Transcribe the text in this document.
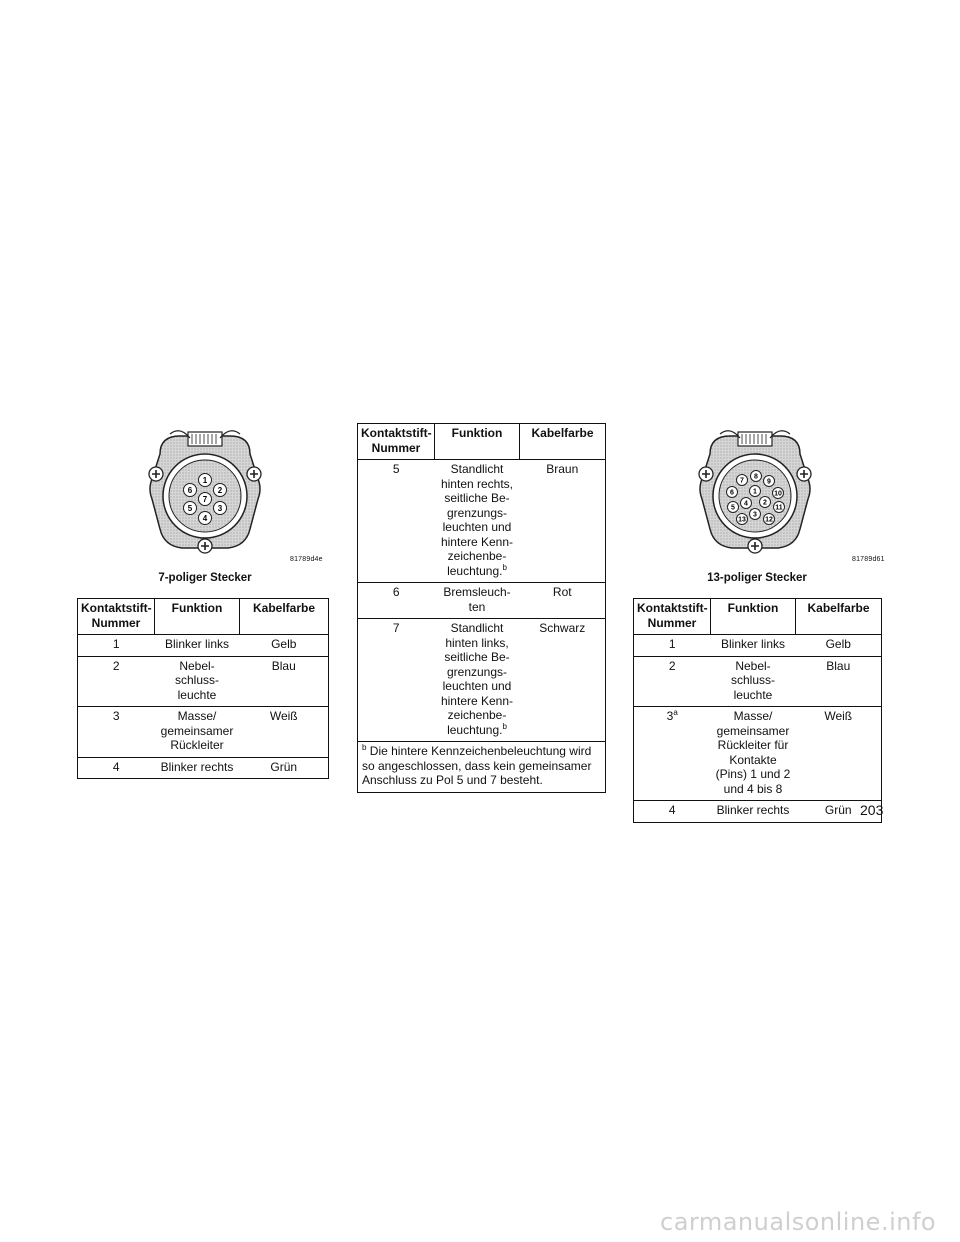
1
2
3
4
5
6
7
81789d4e
7-poliger Stecker
Kontaktstift-Nummer	Funktion	Kabelfarbe
1	Blinker links	Gelb
2	Nebel-schluss-leuchte	Blau
3	Masse/ gemeinsamer Rückleiter	Weiß
4	Blinker rechts	Grün
Kontaktstift-Nummer	Funktion	Kabelfarbe
5	Standlicht hinten rechts, seitliche Be-grenzungs-leuchten und hintere Kenn-zeichenbe-leuchtung.$^b$	Braun
6	Bremsleuch-ten	Rot
7	Standlicht hinten links, seitliche Be-grenzungs-leuchten und hintere Kenn-zeichenbe-leuchtung.$^b$	Schwarz
$^b$ Die hintere Kennzeichenbeleuchtung wird so angeschlossen, dass kein gemeinsamer Anschluss zu Pol 5 und 7 besteht.		
1
2
3
4
5
6
7
8
9
10
11
12
13
81789d61
13-poliger Stecker
Kontaktstift-Nummer	Funktion	Kabelfarbe
1	Blinker links	Gelb
2	Nebel-schluss-leuchte	Blau
3$^a$	Masse/ gemeinsamer Rückleiter für Kontakte (Pins) 1 und 2 und 4 bis 8	Weiß
4	Blinker rechts	Grün 203
carmanualsonline.info
